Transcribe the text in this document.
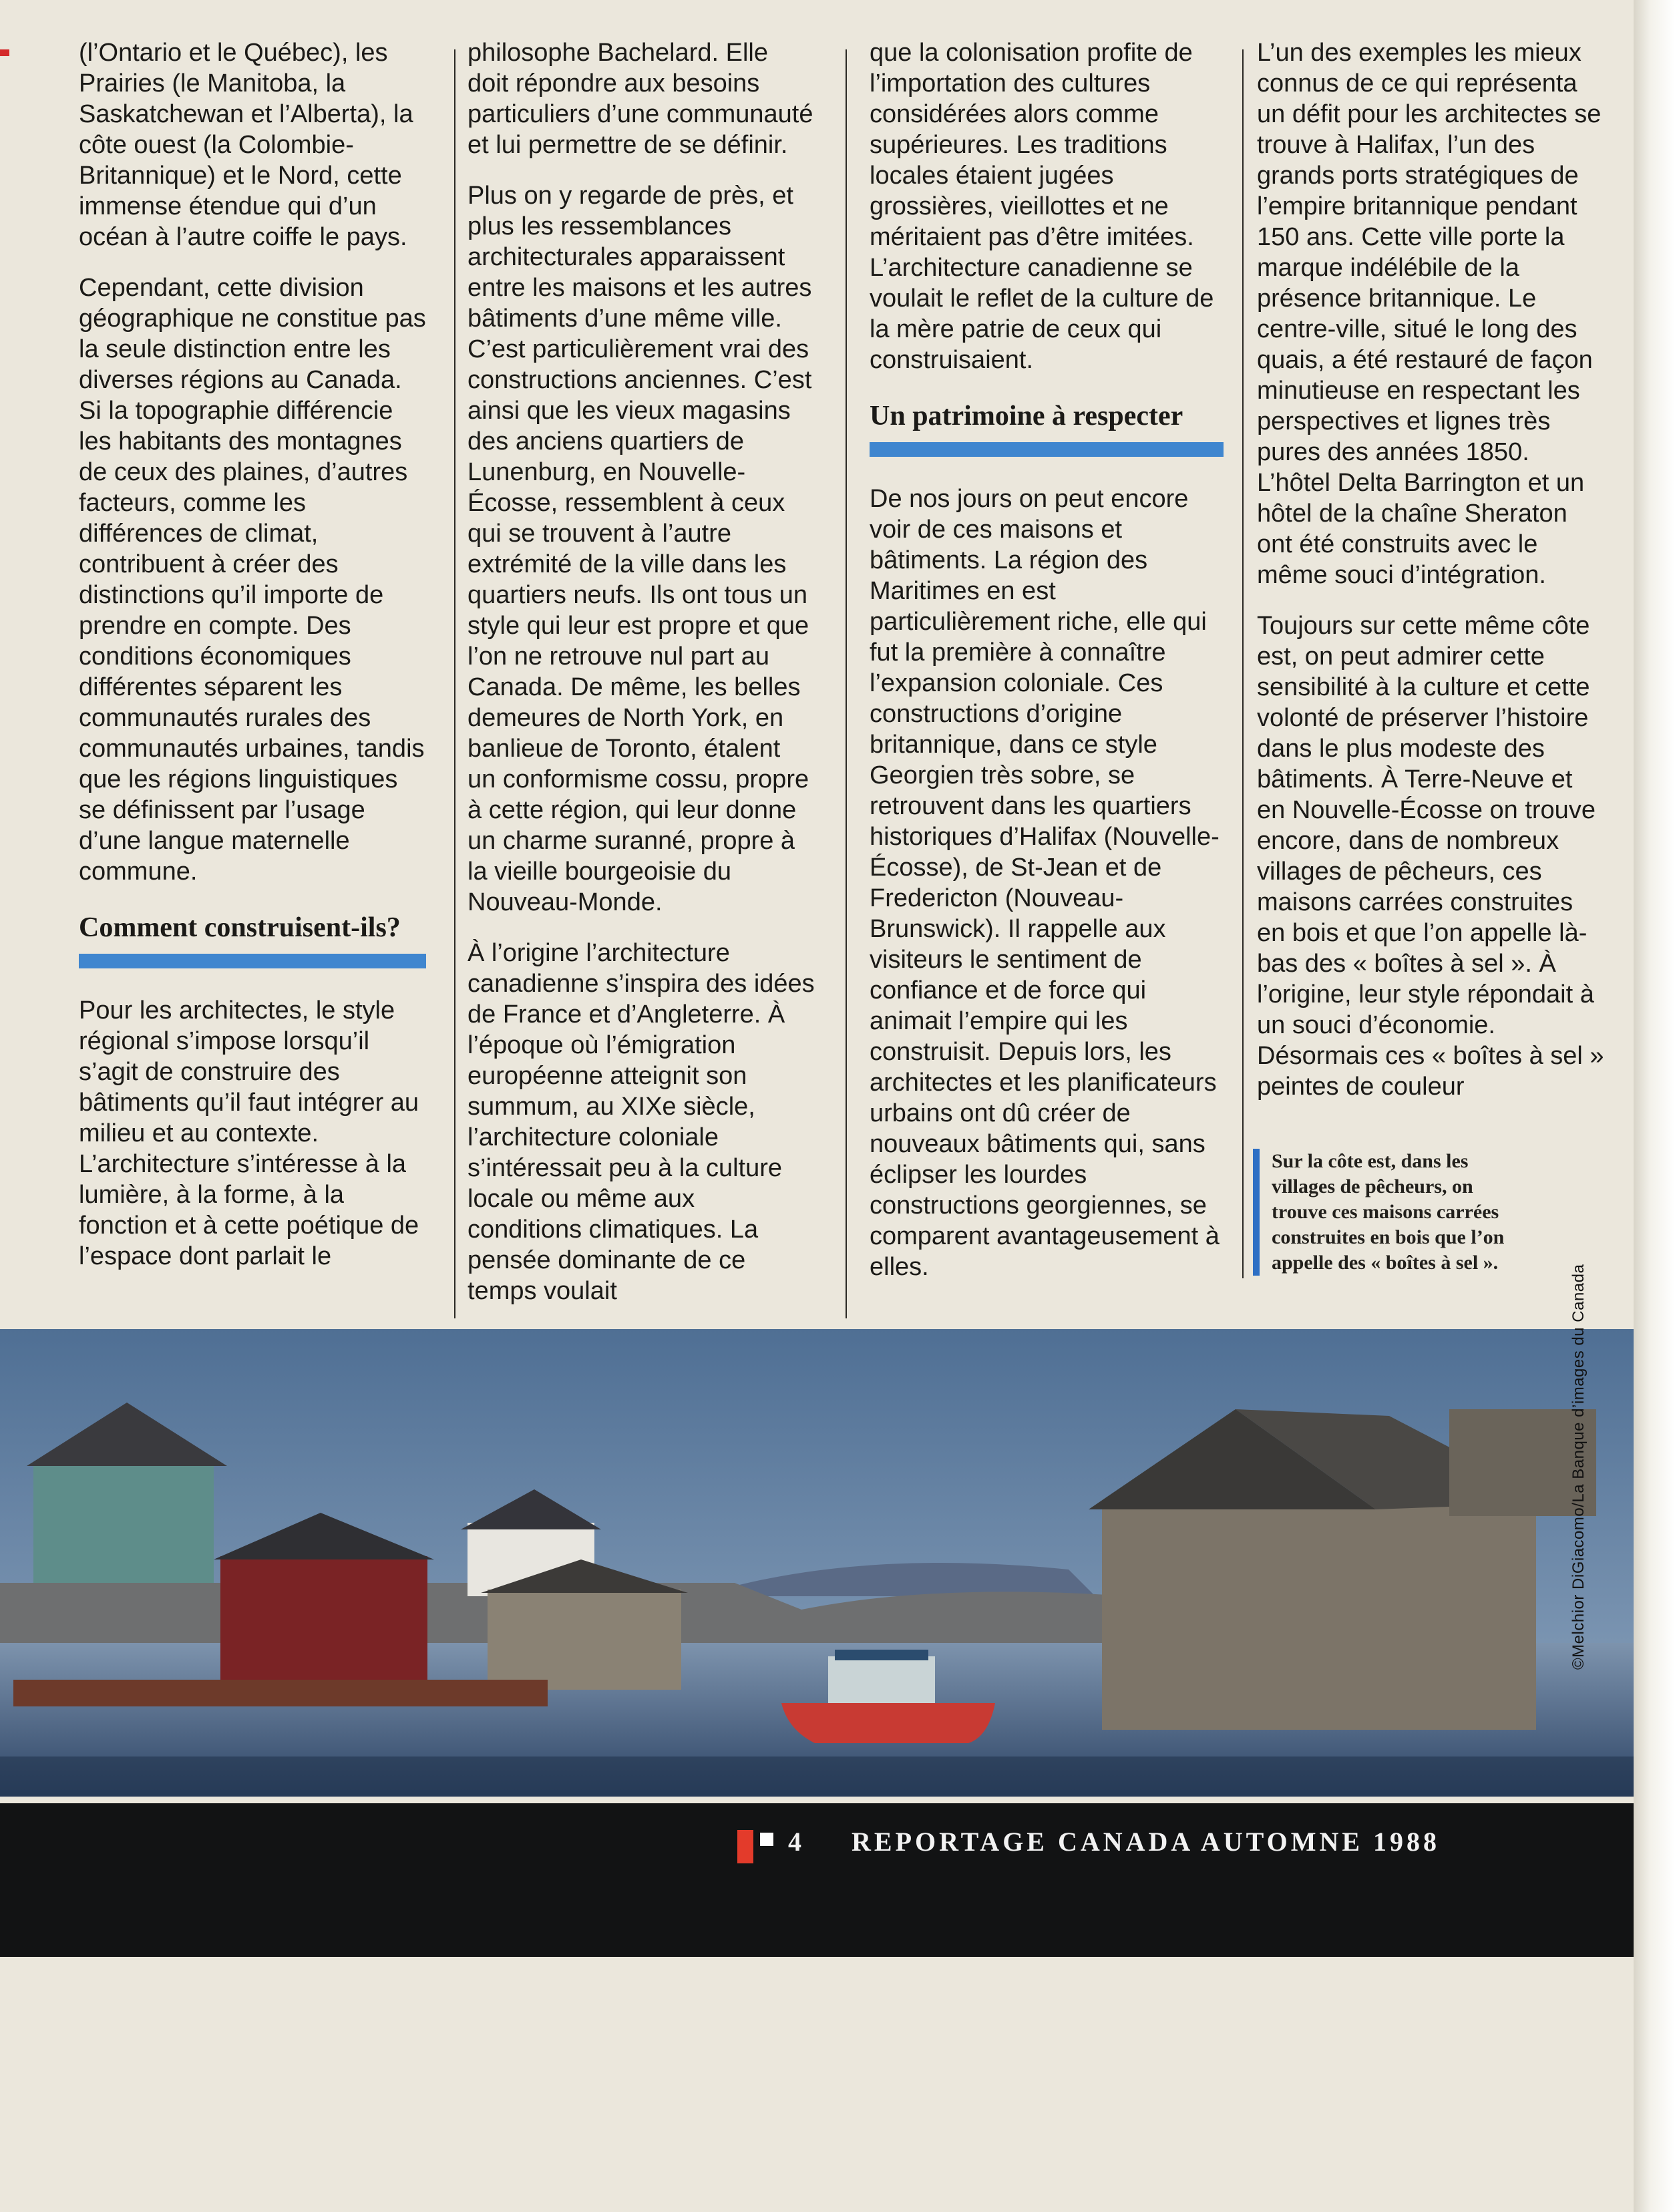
(l’Ontario et le Québec), les Prairies (le Manitoba, la Saskatchewan et l’Alberta), la côte ouest (la Colombie-Britannique) et le Nord, cette immense étendue qui d’un océan à l’autre coiffe le pays.

Cependant, cette division géographique ne constitue pas la seule distinction entre les diverses régions au Canada. Si la topographie différencie les habitants des montagnes de ceux des plaines, d’autres facteurs, comme les différences de climat, contribuent à créer des distinctions qu’il importe de prendre en compte. Des conditions économiques différentes séparent les communautés rurales des communautés urbaines, tandis que les régions linguistiques se définissent par l’usage d’une langue maternelle commune.

Comment construisent-ils?

Pour les architectes, le style régional s’impose lorsqu’il s’agit de construire des bâtiments qu’il faut intégrer au milieu et au contexte. L’architecture s’intéresse à la lumière, à la forme, à la fonction et à cette poétique de l’espace dont parlait le

philosophe Bachelard. Elle doit répondre aux besoins particuliers d’une communauté et lui permettre de se définir.

Plus on y regarde de près, et plus les ressemblances architecturales apparaissent entre les maisons et les autres bâtiments d’une même ville. C’est particulièrement vrai des constructions anciennes. C’est ainsi que les vieux magasins des anciens quartiers de Lunenburg, en Nouvelle-Écosse, ressemblent à ceux qui se trouvent à l’autre extrémité de la ville dans les quartiers neufs. Ils ont tous un style qui leur est propre et que l’on ne retrouve nul part au Canada. De même, les belles demeures de North York, en banlieue de Toronto, étalent un conformisme cossu, propre à cette région, qui leur donne un charme suranné, propre à la vieille bourgeoisie du Nouveau-Monde.

À l’origine l’architecture canadienne s’inspira des idées de France et d’Angleterre. À l’époque où l’émigration européenne atteignit son summum, au XIXe siècle, l’architecture coloniale s’intéressait peu à la culture locale ou même aux conditions climatiques. La pensée dominante de ce temps voulait

que la colonisation profite de l’importation des cultures considérées alors comme supérieures. Les traditions locales étaient jugées grossières, vieillottes et ne méritaient pas d’être imitées. L’architecture canadienne se voulait le reflet de la culture de la mère patrie de ceux qui construisaient.

Un patrimoine à respecter

De nos jours on peut encore voir de ces maisons et bâtiments. La région des Maritimes en est particulièrement riche, elle qui fut la première à connaître l’expansion coloniale. Ces constructions d’origine britannique, dans ce style Georgien très sobre, se retrouvent dans les quartiers historiques d’Halifax (Nouvelle-Écosse), de St-Jean et de Fredericton (Nouveau-Brunswick). Il rappelle aux visiteurs le sentiment de confiance et de force qui animait l’empire qui les construisit. Depuis lors, les architectes et les planificateurs urbains ont dû créer de nouveaux bâtiments qui, sans éclipser les lourdes constructions georgiennes, se comparent avantageusement à elles.

L’un des exemples les mieux connus de ce qui représenta un défit pour les architectes se trouve à Halifax, l’un des grands ports stratégiques de l’empire britannique pendant 150 ans. Cette ville porte la marque indélébile de la présence britannique. Le centre-ville, situé le long des quais, a été restauré de façon minutieuse en respectant les perspectives et lignes très pures des années 1850. L’hôtel Delta Barrington et un hôtel de la chaîne Sheraton ont été construits avec le même souci d’intégration.

Toujours sur cette même côte est, on peut admirer cette sensibilité à la culture et cette volonté de préserver l’histoire dans le plus modeste des bâtiments. À Terre-Neuve et en Nouvelle-Écosse on trouve encore, dans de nombreux villages de pêcheurs, ces maisons carrées construites en bois et que l’on appelle là-bas des « boîtes à sel ». À l’origine, leur style répondait à un souci d’économie. Désormais ces « boîtes à sel » peintes de couleur

Sur la côte est, dans les villages de pêcheurs, on trouve ces maisons carrées construites en bois que l’on appelle des « boîtes à sel ».
©Melchior DiGiacomo/La Banque d’images du Canada
4 REPORTAGE CANADA AUTOMNE 1988
